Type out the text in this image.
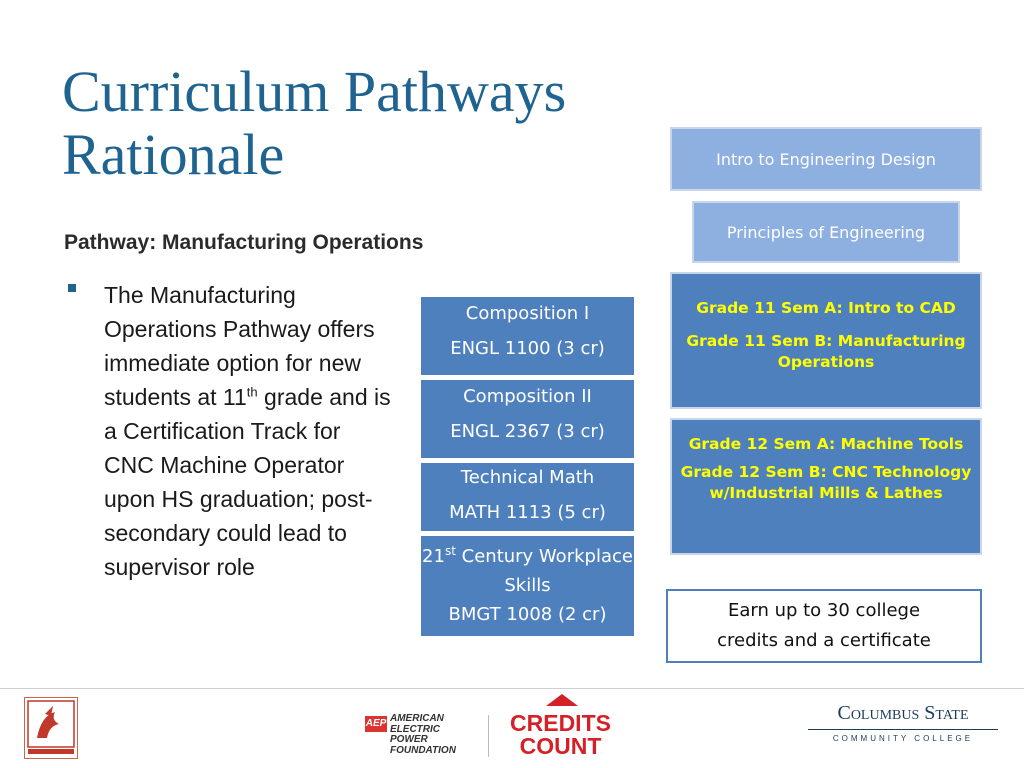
Curriculum Pathways
Rationale
Pathway: Manufacturing Operations
The Manufacturing Operations Pathway offers immediate option for new students at 11th grade and is a Certification Track for CNC Machine Operator upon HS graduation; post-secondary could lead to supervisor role
Composition I
ENGL 1100 (3 cr)
Composition II
ENGL 2367 (3 cr)
Technical Math
MATH 1113 (5 cr)
21st Century Workplace Skills
BMGT 1008 (2 cr)
Intro to Engineering Design
Principles of Engineering
Grade 11 Sem A: Intro to CAD
Grade 11 Sem B: Manufacturing Operations
Grade 12 Sem A: Machine Tools
Grade 12 Sem B: CNC Technology w/Industrial Mills & Lathes
Earn up to 30 college credits and a certificate
AEP AMERICAN
ELECTRIC
POWER
FOUNDATION
CREDITS
COUNT
Columbus State
COMMUNITY COLLEGE
